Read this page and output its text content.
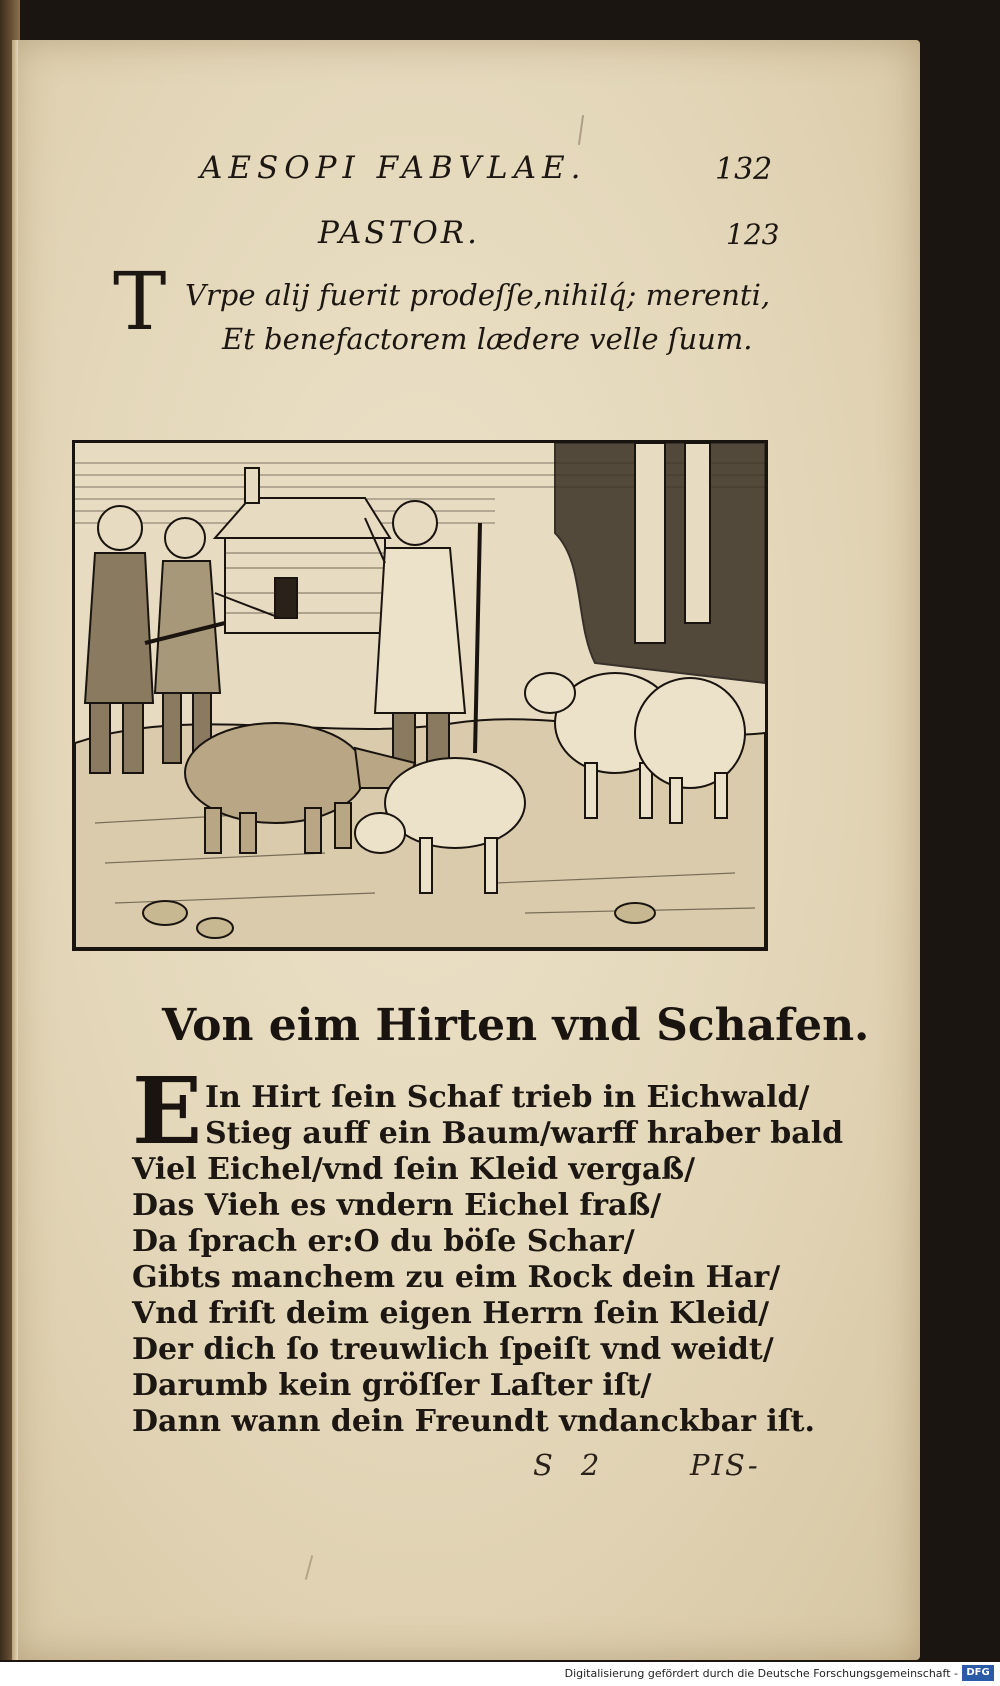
AESOPI FABVLAE.	132
PASTOR.	123
T Vrpe alij fuerit prodeſſe,nihilq́; merenti,
Et benefactorem lædere velle ſuum.
Von eim Hirten vnd Schafen.
E In Hirt ſein Schaf trieb in Eichwald/
Stieg auff ein Baum/warff hraber bald
Viel Eichel/vnd ſein Kleid vergaß/
Das Vieh es vndern Eichel fraß/
Da ſprach er:O du böſe Schar/
Gibts manchem zu eim Rock dein Har/
Vnd friſt deim eigen Herrn ſein Kleid/
Der dich ſo treuwlich ſpeiſt vnd weidt/
Darumb kein gröſſer Laſter iſt/
Dann wann dein Freundt vndanckbar iſt.
S 2	PIS-
Digitalisierung gefördert durch die Deutsche Forschungsgemeinschaft - DFG
